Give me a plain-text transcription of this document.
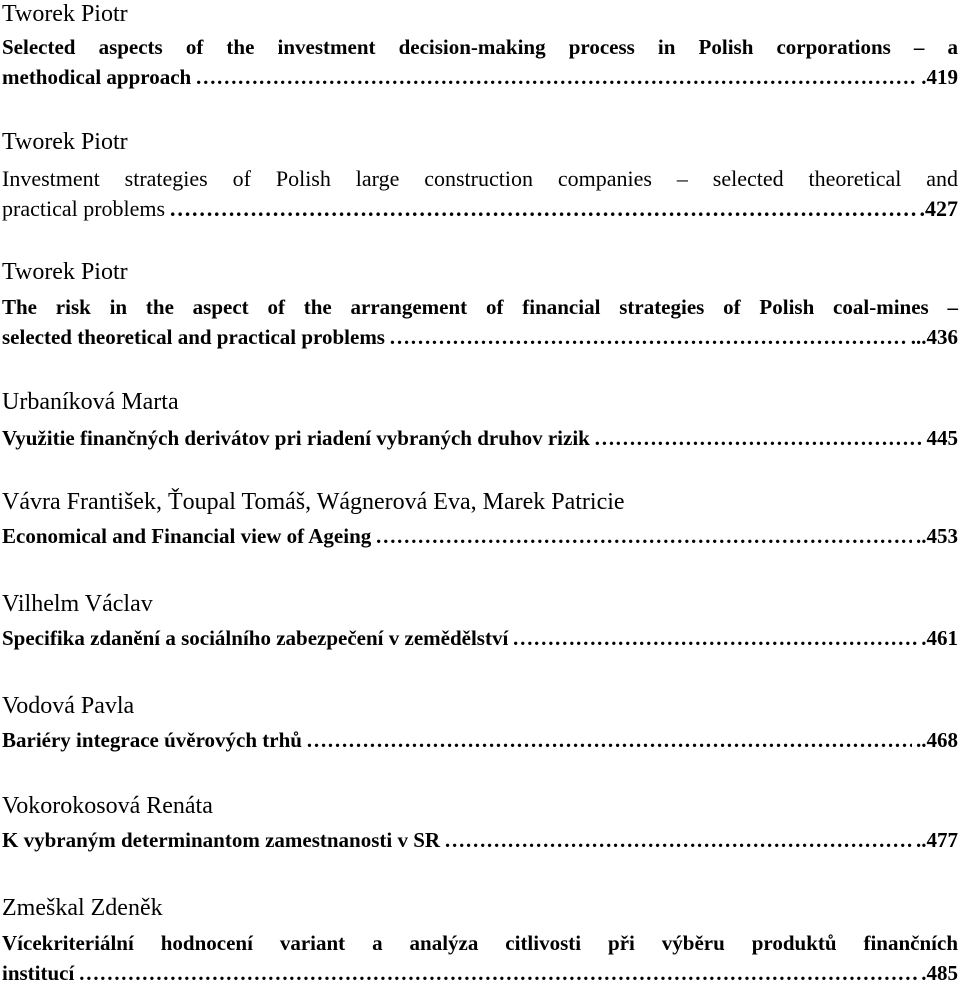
Tworek Piotr
Selected aspects of the investment decision-making process in Polish corporations – a
methodical approach ……………………………………………………………………………………………………………………………………………………………	.419
Tworek Piotr
Investment strategies of Polish large construction companies – selected theoretical and
practical problems ……………………………………………………………………………………………………………………………………………………………	.427
Tworek Piotr
The risk in the aspect of the arrangement of financial strategies of Polish coal-mines –
selected theoretical and practical problems ……………………………………………………………………………………………………………………………………………………………	...436
Urbaníková Marta
Využitie finančných derivátov pri riadení vybraných druhov rizik ……………………………………………………………………………………………………………………………………………………………	445
Vávra František, Ťoupal Tomáš, Wágnerová Eva, Marek Patricie
Economical and Financial view of Ageing ……………………………………………………………………………………………………………………………………………………………	..453
Vilhelm Václav
Specifika zdanění a sociálního zabezpečení v zemědělství ……………………………………………………………………………………………………………………………………………………………	.461
Vodová Pavla
Bariéry integrace úvěrových trhů ……………………………………………………………………………………………………………………………………………………………	..468
Vokorokosová Renáta
K vybraným determinantom zamestnanosti v SR ……………………………………………………………………………………………………………………………………………………………	..477
Zmeškal Zdeněk
Vícekriteriální hodnocení variant a analýza citlivosti při výběru produktů finančních
institucí ……………………………………………………………………………………………………………………………………………………………	.485
